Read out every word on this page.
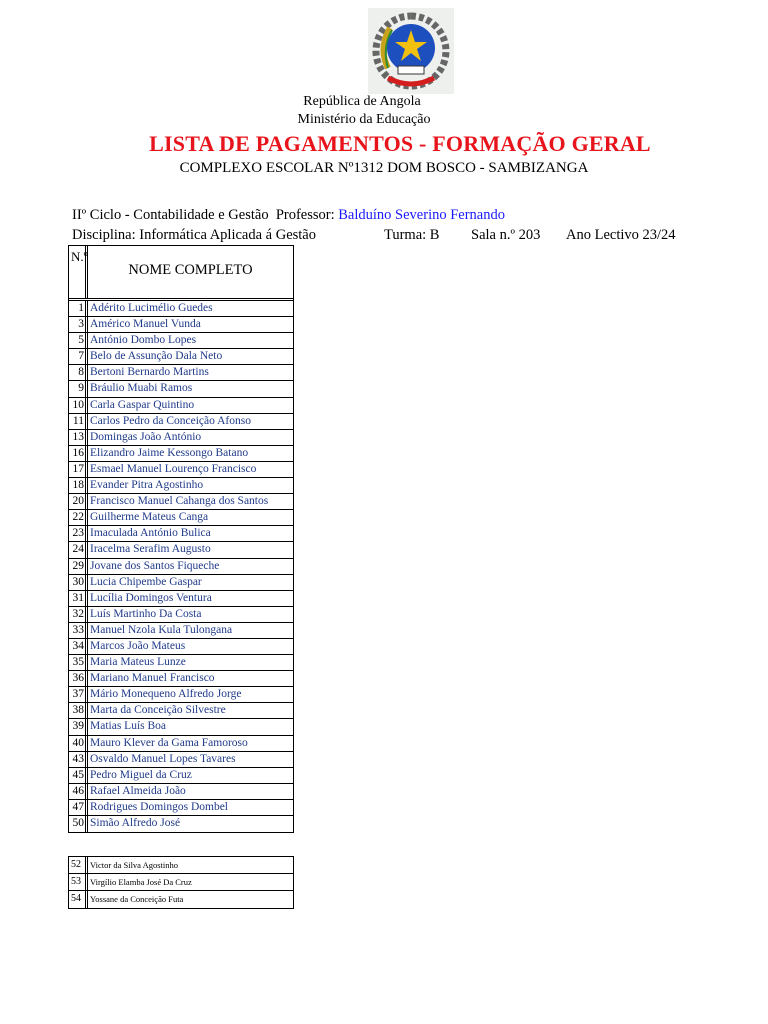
República de Angola
Ministério da Educação
LISTA DE PAGAMENTOS - FORMAÇÃO GERAL
COMPLEXO ESCOLAR Nº1312 DOM BOSCO - SAMBIZANGA
IIº Ciclo - Contabilidade e Gestão Professor: Balduíno Severino Fernando
Disciplina: Informática Aplicada á Gestão	Turma: B Sala n.º 203 Ano Lectivo 23/24
N.º
NOME COMPLETO
1 Adérito Lucimélio Guedes
3 Américo Manuel Vunda
5 António Dombo Lopes
7 Belo de Assunção Dala Neto
8 Bertoni Bernardo Martins
9 Bráulio Muabi Ramos
10 Carla Gaspar Quintino
11 Carlos Pedro da Conceição Afonso
13 Domingas João António
16 Elizandro Jaime Kessongo Batano
17 Esmael Manuel Lourenço Francisco
18 Evander Pitra Agostinho
20 Francisco Manuel Cahanga dos Santos
22 Guilherme Mateus Canga
23 Imaculada António Bulica
24 Iracelma Serafim Augusto
29 Jovane dos Santos Fiqueche
30 Lucia Chipembe Gaspar
31 Lucília Domingos Ventura
32 Luís Martinho Da Costa
33 Manuel Nzola Kula Tulongana
34 Marcos João Mateus
35 Maria Mateus Lunze
36 Mariano Manuel Francisco
37 Mário Monequeno Alfredo Jorge
38 Marta da Conceição Silvestre
39 Matias Luís Boa
40 Mauro Klever da Gama Famoroso
43 Osvaldo Manuel Lopes Tavares
45 Pedro Miguel da Cruz
46 Rafael Almeida João
47 Rodrigues Domingos Dombel
50 Simão Alfredo José
52	Victor da Silva Agostinho
53	Virgílio Elamba José Da Cruz
54	Yossane da Conceição Futa
